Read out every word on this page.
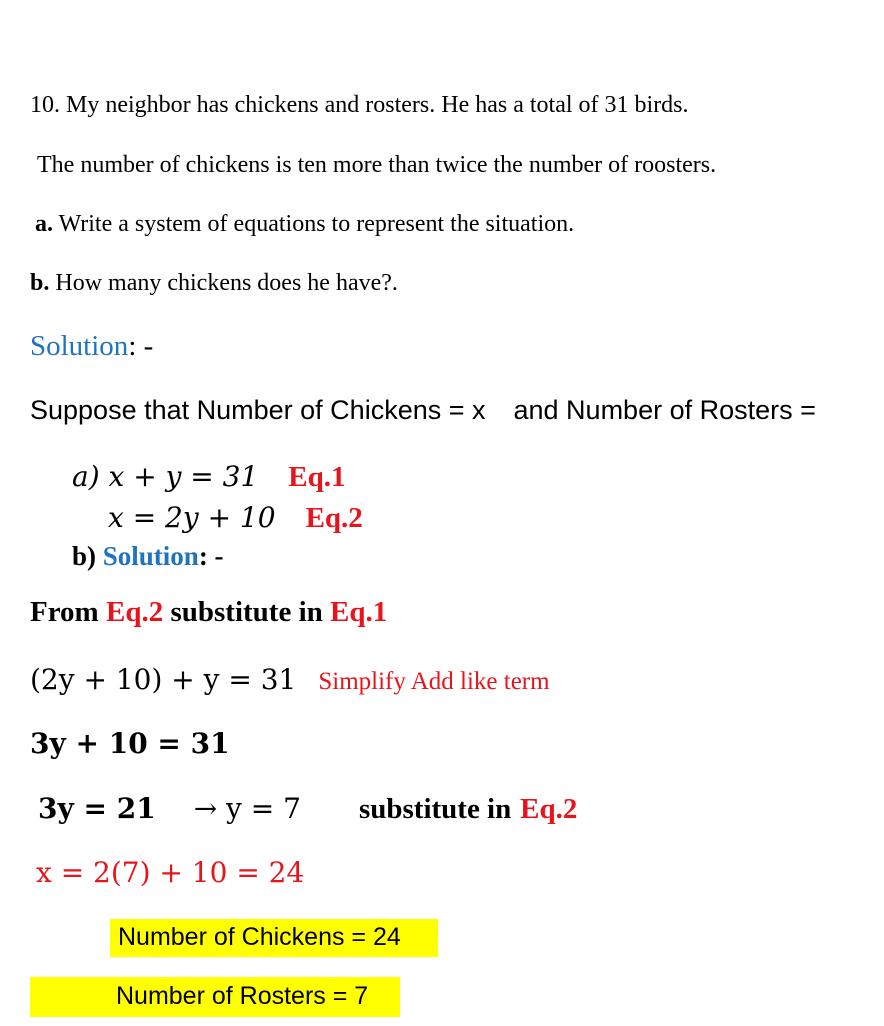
10. My neighbor has chickens and rosters. He has a total of 31 birds.
The number of chickens is ten more than twice the number of roosters.
a. Write a system of equations to represent the situation.
b. How many chickens does he have?.
Solution: -
Suppose that Number of Chickens = x and Number of Rosters =
a) x + y = 31 Eq.1
x = 2y + 10 Eq.2
b) Solution: -
From Eq.2 substitute in Eq.1
(2y + 10) + y = 31 Simplify Add like term
3y + 10 = 31
3y = 21 → y = 7 substitute in Eq.2
x = 2(7) + 10 = 24
Number of Chickens = 24
Number of Rosters = 7
